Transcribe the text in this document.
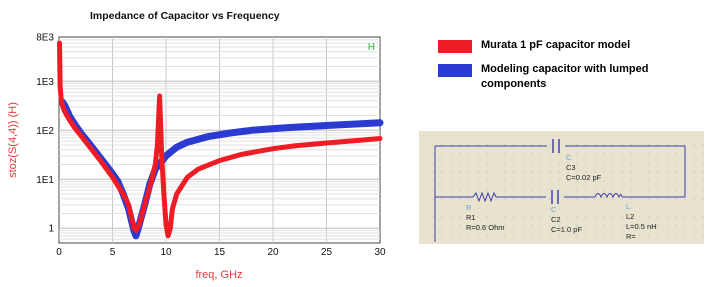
Impedance of Capacitor vs Frequency
0	5	10	15	20	25	30
8E3
1E3
1E2
1E1
1
H
freq, GHz
stoz(S(4,4)) (H)
Murata 1 pF capacitor model
Modeling capacitor with lumped
components
C
C3
C=0.02 pF
R
R1
R=0.6 Ohm
C
C2
C=1.0 pF
L
L2
L=0.5 nH
R=
